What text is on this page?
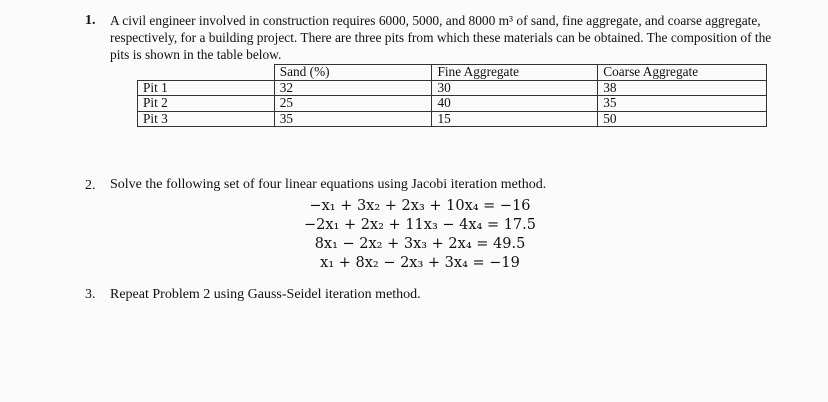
1. A civil engineer involved in construction requires 6000, 5000, and 8000 m³ of sand, fine aggregate, and coarse aggregate, respectively, for a building project. There are three pits from which these materials can be obtained. The composition of the pits is shown in the table below.
	Sand (%)	Fine Aggregate	Coarse Aggregate
Pit 1	32	30	38
Pit 2	25	40	35
Pit 3	35	15	50
2. Solve the following set of four linear equations using Jacobi iteration method.
−x₁ + 3x₂ + 2x₃ + 10x₄ = −16
−2x₁ + 2x₂ + 11x₃ − 4x₄ = 17.5
8x₁ − 2x₂ + 3x₃ + 2x₄ = 49.5
x₁ + 8x₂ − 2x₃ + 3x₄ = −19
3. Repeat Problem 2 using Gauss-Seidel iteration method.
